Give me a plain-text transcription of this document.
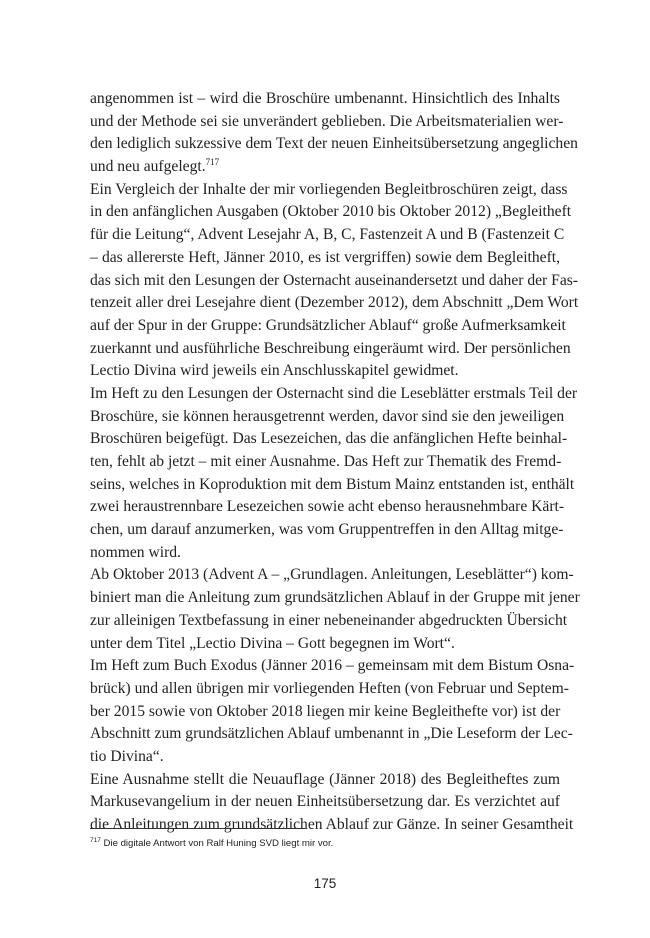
angenommen ist – wird die Broschüre umbenannt. Hinsichtlich des Inhalts
und der Methode sei sie unverändert geblieben. Die Arbeitsmaterialien wer-
den lediglich sukzessive dem Text der neuen Einheitsübersetzung angeglichen
und neu aufgelegt.$^{717}$
Ein Vergleich der Inhalte der mir vorliegenden Begleitbroschüren zeigt, dass
in den anfänglichen Ausgaben (Oktober 2010 bis Oktober 2012) „Begleitheft
für die Leitung“, Advent Lesejahr A, B, C, Fastenzeit A und B (Fastenzeit C
– das allererste Heft, Jänner 2010, es ist vergriffen) sowie dem Begleitheft,
das sich mit den Lesungen der Osternacht auseinandersetzt und daher der Fas-
tenzeit aller drei Lesejahre dient (Dezember 2012), dem Abschnitt „Dem Wort
auf der Spur in der Gruppe: Grundsätzlicher Ablauf“ große Aufmerksamkeit
zuerkannt und ausführliche Beschreibung eingeräumt wird. Der persönlichen
Lectio Divina wird jeweils ein Anschlusskapitel gewidmet.
Im Heft zu den Lesungen der Osternacht sind die Leseblätter erstmals Teil der
Broschüre, sie können herausgetrennt werden, davor sind sie den jeweiligen
Broschüren beigefügt. Das Lesezeichen, das die anfänglichen Hefte beinhal-
ten, fehlt ab jetzt – mit einer Ausnahme. Das Heft zur Thematik des Fremd-
seins, welches in Koproduktion mit dem Bistum Mainz entstanden ist, enthält
zwei heraustrennbare Lesezeichen sowie acht ebenso herausnehmbare Kärt-
chen, um darauf anzumerken, was vom Gruppentreffen in den Alltag mitge-
nommen wird.
Ab Oktober 2013 (Advent A – „Grundlagen. Anleitungen, Leseblätter“) kom-
biniert man die Anleitung zum grundsätzlichen Ablauf in der Gruppe mit jener
zur alleinigen Textbefassung in einer nebeneinander abgedruckten Übersicht
unter dem Titel „Lectio Divina – Gott begegnen im Wort“.
Im Heft zum Buch Exodus (Jänner 2016 – gemeinsam mit dem Bistum Osna-
brück) und allen übrigen mir vorliegenden Heften (von Februar und Septem-
ber 2015 sowie von Oktober 2018 liegen mir keine Begleithefte vor) ist der
Abschnitt zum grundsätzlichen Ablauf umbenannt in „Die Leseform der Lec-
tio Divina“.
Eine Ausnahme stellt die Neuauflage (Jänner 2018) des Begleitheftes zum
Markusevangelium in der neuen Einheitsübersetzung dar. Es verzichtet auf
die Anleitungen zum grundsätzlichen Ablauf zur Gänze. In seiner Gesamtheit
$^{717}$ Die digitale Antwort von Ralf Huning SVD liegt mir vor.
175
